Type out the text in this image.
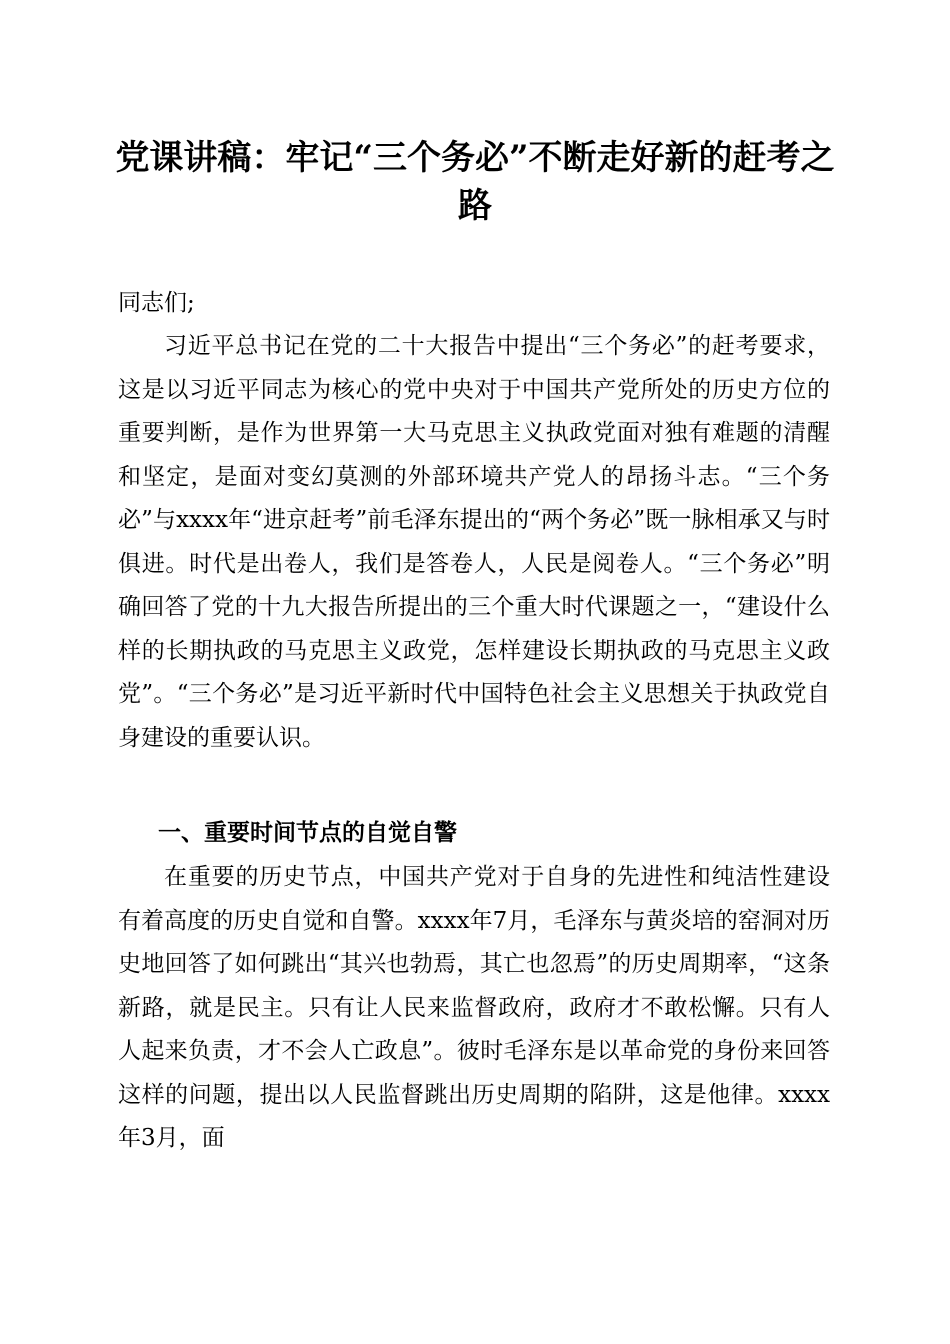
党课讲稿：牢记“三个务必”不断走好新的赶考之路

同志们;

习近平总书记在党的二十大报告中提出“三个务必”的赶考要求，这是以习近平同志为核心的党中央对于中国共产党所处的历史方位的重要判断，是作为世界第一大马克思主义执政党面对独有难题的清醒和坚定，是面对变幻莫测的外部环境共产党人的昂扬斗志。“三个务必”与xxxx年“进京赶考”前毛泽东提出的“两个务必”既一脉相承又与时俱进。时代是出卷人，我们是答卷人，人民是阅卷人。“三个务必”明确回答了党的十九大报告所提出的三个重大时代课题之一，“建设什么样的长期执政的马克思主义政党，怎样建设长期执政的马克思主义政党”。“三个务必”是习近平新时代中国特色社会主义思想关于执政党自身建设的重要认识。

一、重要时间节点的自觉自警

在重要的历史节点，中国共产党对于自身的先进性和纯洁性建设有着高度的历史自觉和自警。xxxx年7月，毛泽东与黄炎培的窑洞对历史地回答了如何跳出“其兴也勃焉，其亡也忽焉”的历史周期率，“这条新路，就是民主。只有让人民来监督政府，政府才不敢松懈。只有人人起来负责，才不会人亡政息”。彼时毛泽东是以革命党的身份来回答这样的问题，提出以人民监督跳出历史周期的陷阱，这是他律。xxxx年3月，面
